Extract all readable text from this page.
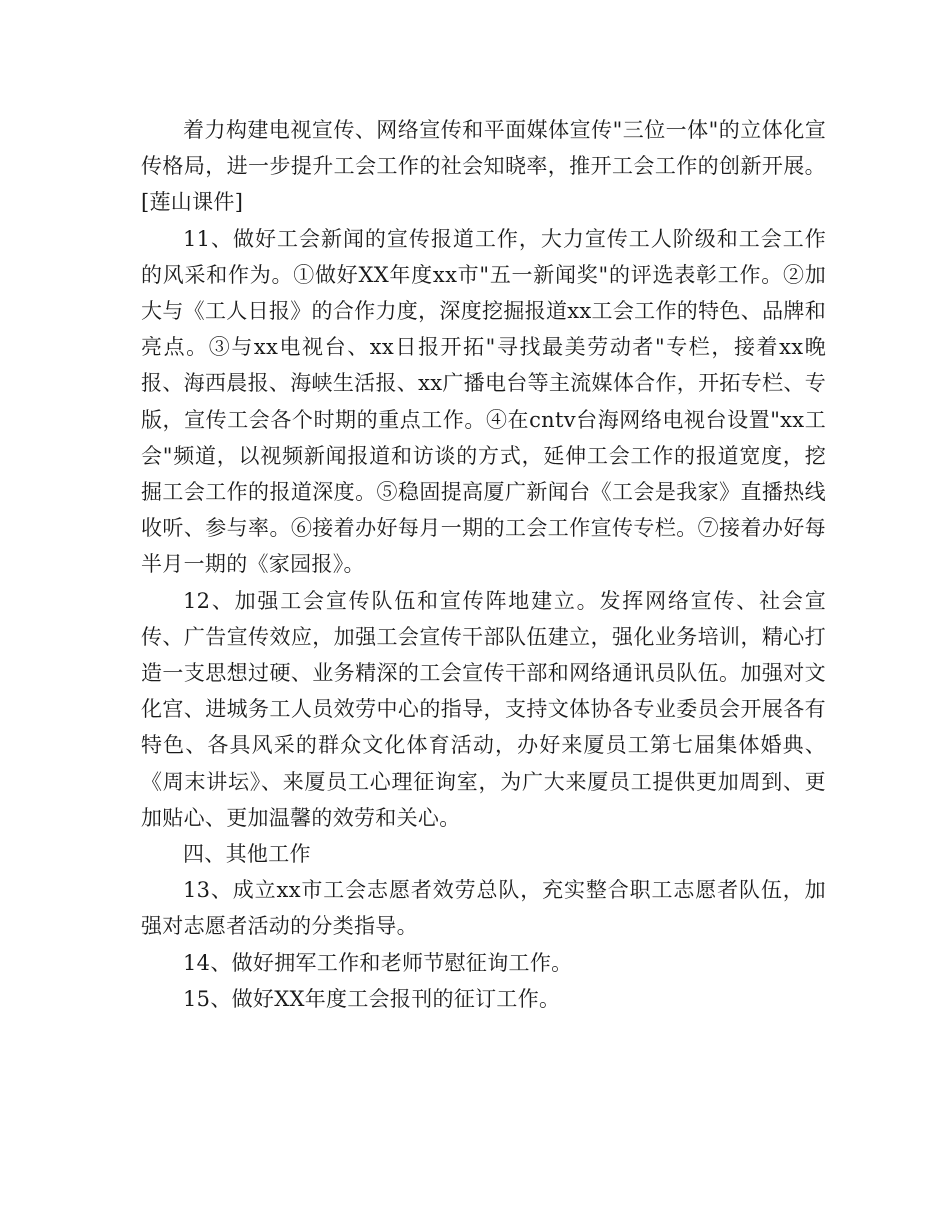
着力构建电视宣传、网络宣传和平面媒体宣传"三位一体"的立体化宣传格局，进一步提升工会工作的社会知晓率，推开工会工作的创新开展。[莲山课件]

11、做好工会新闻的宣传报道工作，大力宣传工人阶级和工会工作的风采和作为。①做好XX年度xx市"五一新闻奖"的评选表彰工作。②加大与《工人日报》的合作力度，深度挖掘报道xx工会工作的特色、品牌和亮点。③与xx电视台、xx日报开拓"寻找最美劳动者"专栏，接着xx晚报、海西晨报、海峡生活报、xx广播电台等主流媒体合作，开拓专栏、专版，宣传工会各个时期的重点工作。④在cntv台海网络电视台设置"xx工会"频道，以视频新闻报道和访谈的方式，延伸工会工作的报道宽度，挖掘工会工作的报道深度。⑤稳固提高厦广新闻台《工会是我家》直播热线收听、参与率。⑥接着办好每月一期的工会工作宣传专栏。⑦接着办好每半月一期的《家园报》。

12、加强工会宣传队伍和宣传阵地建立。发挥网络宣传、社会宣传、广告宣传效应，加强工会宣传干部队伍建立，强化业务培训，精心打造一支思想过硬、业务精深的工会宣传干部和网络通讯员队伍。加强对文化宫、进城务工人员效劳中心的指导，支持文体协各专业委员会开展各有特色、各具风采的群众文化体育活动，办好来厦员工第七届集体婚典、《周末讲坛》、来厦员工心理征询室，为广大来厦员工提供更加周到、更加贴心、更加温馨的效劳和关心。

四、其他工作

13、成立xx市工会志愿者效劳总队，充实整合职工志愿者队伍，加强对志愿者活动的分类指导。

14、做好拥军工作和老师节慰征询工作。

15、做好XX年度工会报刊的征订工作。
